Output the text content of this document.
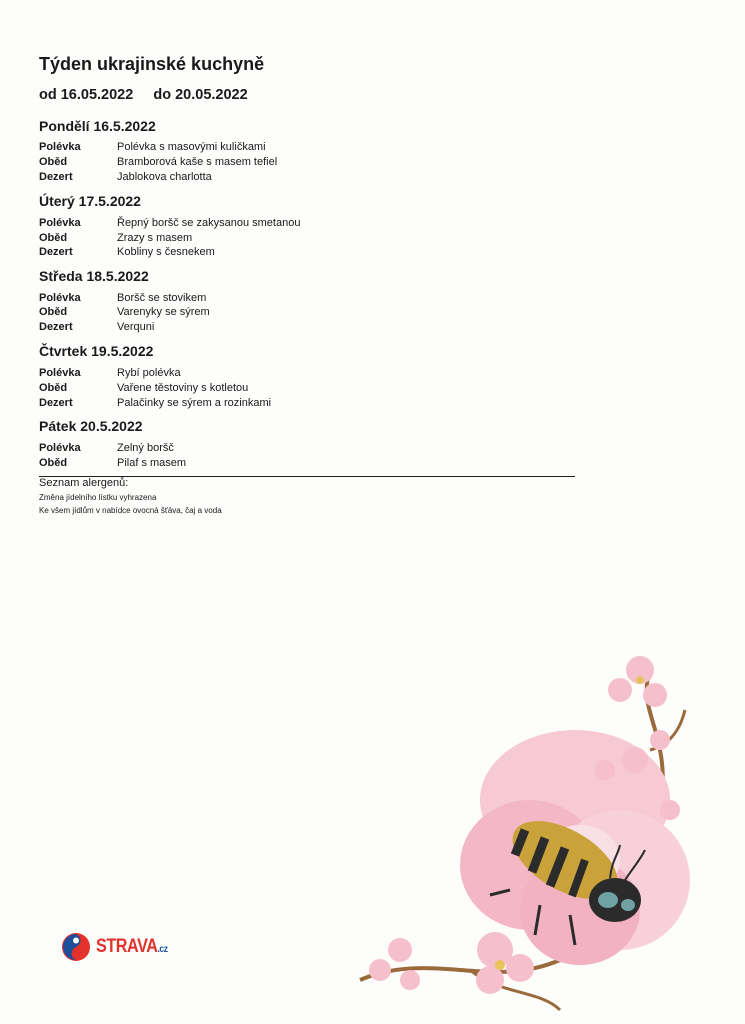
Týden ukrajinské kuchyně
od 16.05.2022 do 20.05.2022
Pondělí 16.5.2022
Polévka	Polévka s masovými kuličkami
Oběd	Bramborová kaše s masem tefiel
Dezert	Jablokova charlotta
Úterý 17.5.2022
Polévka	Řepný boršč se zakysanou smetanou
Oběd	Zrazy s masem
Dezert	Kobliny s česnekem
Středa 18.5.2022
Polévka	Boršč se stovikem
Oběd	Varenyky se sýrem
Dezert	Verquni
Čtvrtek 19.5.2022
Polévka	Rybí polévka
Oběd	Vařene těstoviny s kotletou
Dezert	Palačinky se sýrem a rozinkami
Pátek 20.5.2022
Polévka	Zelný boršč
Oběd	Pilaf s masem
Seznam alergenů:
Změna jídelního lístku vyhrazena
Ke všem jídlům v nabídce ovocná šťáva, čaj a voda
STRAVA.cz
